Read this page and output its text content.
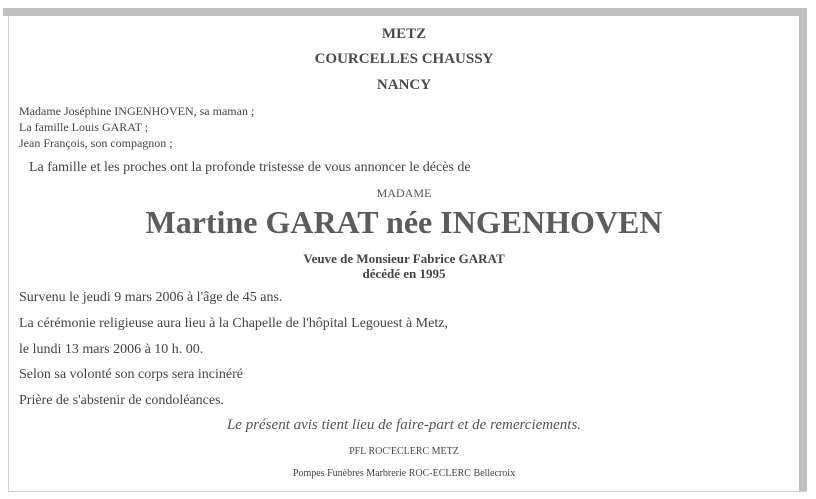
METZ
COURCELLES CHAUSSY
NANCY
Madame Joséphine INGENHOVEN, sa maman ;
La famille Louis GARAT ;
Jean François, son compagnon ;
La famille et les proches ont la profonde tristesse de vous annoncer le décès de
MADAME
Martine GARAT née INGENHOVEN
Veuve de Monsieur Fabrice GARAT
décédé en 1995
Survenu le jeudi 9 mars 2006 à l'âge de 45 ans.
La cérémonie religieuse aura lieu à la Chapelle de l'hôpital Legouest à Metz,
le lundi 13 mars 2006 à 10 h. 00.
Selon sa volonté son corps sera incinéré
Prière de s'abstenir de condoléances.
Le présent avis tient lieu de faire-part et de remerciements.
PFL ROC'ECLERC METZ
Pompes Funèbres Marbrerie ROC-ECLERC Bellecroix
